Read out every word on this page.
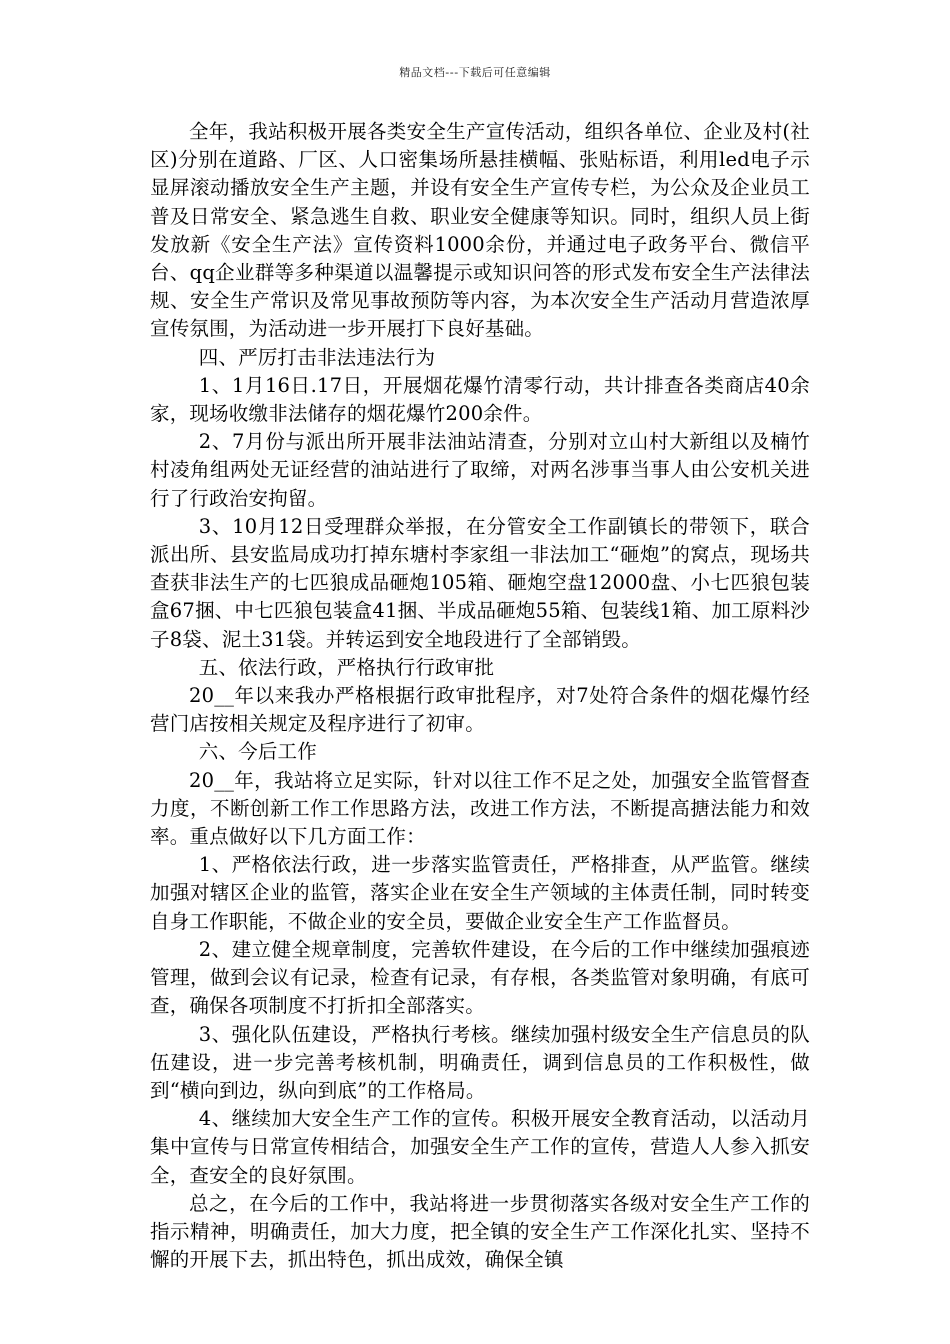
精品文档---下载后可任意编辑

全年，我站积极开展各类安全生产宣传活动，组织各单位、企业及村(社区)分别在道路、厂区、人口密集场所悬挂横幅、张贴标语，利用led电子示显屏滚动播放安全生产主题，并设有安全生产宣传专栏，为公众及企业员工普及日常安全、紧急逃生自救、职业安全健康等知识。同时，组织人员上街发放新《安全生产法》宣传资料1000余份，并通过电子政务平台、微信平台、qq企业群等多种渠道以温馨提示或知识问答的形式发布安全生产法律法规、安全生产常识及常见事故预防等内容，为本次安全生产活动月营造浓厚宣传氛围，为活动进一步开展打下良好基础。

四、严厉打击非法违法行为

1、1月16日.17日，开展烟花爆竹清零行动，共计排查各类商店40余家，现场收缴非法储存的烟花爆竹200余件。

2、7月份与派出所开展非法油站清查，分别对立山村大新组以及楠竹村凌角组两处无证经营的油站进行了取缔，对两名涉事当事人由公安机关进行了行政治安拘留。

3、10月12日受理群众举报，在分管安全工作副镇长的带领下，联合派出所、县安监局成功打掉东塘村李家组一非法加工“砸炮”的窝点，现场共查获非法生产的七匹狼成品砸炮105箱、砸炮空盘12000盘、小七匹狼包装盒67捆、中七匹狼包装盒41捆、半成品砸炮55箱、包装线1箱、加工原料沙子8袋、泥土31袋。并转运到安全地段进行了全部销毁。

五、依法行政，严格执行行政审批

20__年以来我办严格根据行政审批程序，对7处符合条件的烟花爆竹经营门店按相关规定及程序进行了初审。

六、今后工作

20__年，我站将立足实际，针对以往工作不足之处，加强安全监管督查力度，不断创新工作工作思路方法，改进工作方法，不断提高搪法能力和效率。重点做好以下几方面工作：

1、严格依法行政，进一步落实监管责任，严格排查，从严监管。继续加强对辖区企业的监管，落实企业在安全生产领域的主体责任制，同时转变自身工作职能，不做企业的安全员，要做企业安全生产工作监督员。

2、建立健全规章制度，完善软件建设，在今后的工作中继续加强痕迹管理，做到会议有记录，检查有记录，有存根，各类监管对象明确，有底可查，确保各项制度不打折扣全部落实。

3、强化队伍建设，严格执行考核。继续加强村级安全生产信息员的队伍建设，进一步完善考核机制，明确责任，调到信息员的工作积极性，做到“横向到边，纵向到底”的工作格局。

4、继续加大安全生产工作的宣传。积极开展安全教育活动，以活动月集中宣传与日常宣传相结合，加强安全生产工作的宣传，营造人人参入抓安全，查安全的良好氛围。

总之，在今后的工作中，我站将进一步贯彻落实各级对安全生产工作的指示精神，明确责任，加大力度，把全镇的安全生产工作深化扎实、坚持不懈的开展下去，抓出特色，抓出成效，确保全镇
